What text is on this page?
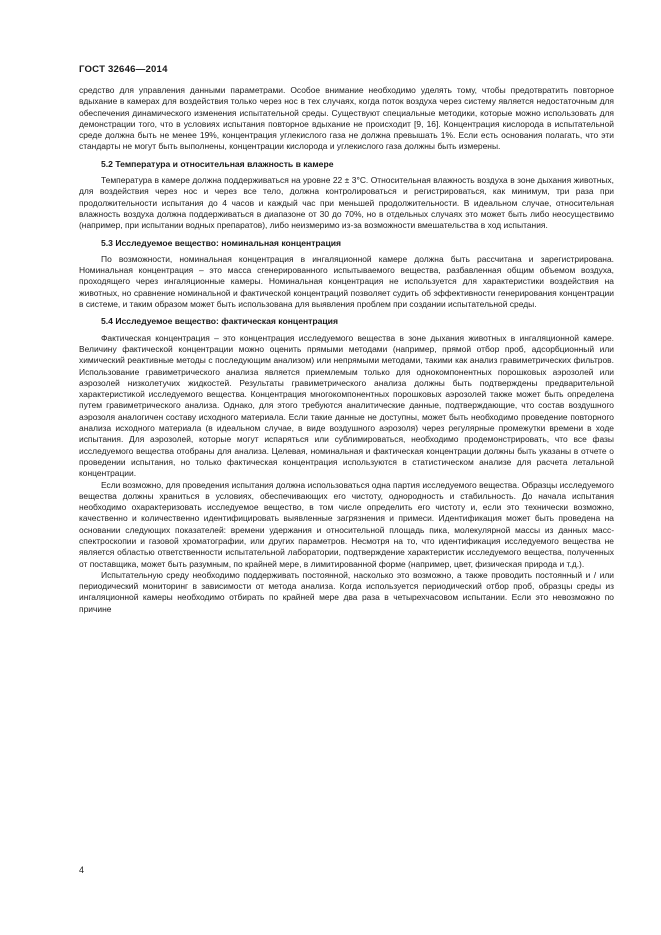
ГОСТ 32646—2014

средство для управления данными параметрами. Особое внимание необходимо уделять тому, чтобы предотвратить повторное вдыхание в камерах для воздействия только через нос в тех случаях, когда поток воздуха через систему является недостаточным для обеспечения динамического изменения испытательной среды. Существуют специальные методики, которые можно использовать для демонстрации того, что в условиях испытания повторное вдыхание не происходит [9, 16]. Концентрация кислорода в испытательной среде должна быть не менее 19%, концентрация углекислого газа не должна превышать 1%. Если есть основания полагать, что эти стандарты не могут быть выполнены, концентрации кислорода и углекислого газа должны быть измерены.

5.2 Температура и относительная влажность в камере

Температура в камере должна поддерживаться на уровне 22 ± 3°С. Относительная влажность воздуха в зоне дыхания животных, для воздействия через нос и через все тело, должна контролироваться и регистрироваться, как минимум, три раза при продолжительности испытания до 4 часов и каждый час при меньшей продолжительности. В идеальном случае, относительная влажность воздуха должна поддерживаться в диапазоне от 30 до 70%, но в отдельных случаях это может быть либо неосуществимо (например, при испытании водных препаратов), либо неизмеримо из-за возможности вмешательства в ход испытания.

5.3 Исследуемое вещество: номинальная концентрация

По возможности, номинальная концентрация в ингаляционной камере должна быть рассчитана и зарегистрирована. Номинальная концентрация – это масса сгенерированного испытываемого вещества, разбавленная общим объемом воздуха, проходящего через ингаляционные камеры. Номинальная концентрация не используется для характеристики воздействия на животных, но сравнение номинальной и фактической концентраций позволяет судить об эффективности генерирования концентрации в системе, и таким образом может быть использована для выявления проблем при создании испытательной среды.

5.4 Исследуемое вещество: фактическая концентрация

Фактическая концентрация – это концентрация исследуемого вещества в зоне дыхания животных в ингаляционной камере. Величину фактической концентрации можно оценить прямыми методами (например, прямой отбор проб, адсорбционный или химический реактивные методы с последующим анализом) или непрямыми методами, такими как анализ гравиметрических фильтров. Использование гравиметрического анализа является приемлемым только для однокомпонентных порошковых аэрозолей или аэрозолей низколетучих жидкостей. Результаты гравиметрического анализа должны быть подтверждены предварительной характеристикой исследуемого вещества. Концентрация многокомпонентных порошковых аэрозолей также может быть определена путем гравиметрического анализа. Однако, для этого требуются аналитические данные, подтверждающие, что состав воздушного аэрозоля аналогичен составу исходного материала. Если такие данные не доступны, может быть необходимо проведение повторного анализа исходного материала (в идеальном случае, в виде воздушного аэрозоля) через регулярные промежутки времени в ходе испытания. Для аэрозолей, которые могут испаряться или сублимироваться, необходимо продемонстрировать, что все фазы исследуемого вещества отобраны для анализа. Целевая, номинальная и фактическая концентрации должны быть указаны в отчете о проведении испытания, но только фактическая концентрация используются в статистическом анализе для расчета летальной концентрации.

Если возможно, для проведения испытания должна использоваться одна партия исследуемого вещества. Образцы исследуемого вещества должны храниться в условиях, обеспечивающих его чистоту, однородность и стабильность. До начала испытания необходимо охарактеризовать исследуемое вещество, в том числе определить его чистоту и, если это технически возможно, качественно и количественно идентифицировать выявленные загрязнения и примеси. Идентификация может быть проведена на основании следующих показателей: времени удержания и относительной площадь пика, молекулярной массы из данных масс-спектроскопии и газовой хроматографии, или других параметров. Несмотря на то, что идентификация исследуемого вещества не является областью ответственности испытательной лаборатории, подтверждение характеристик исследуемого вещества, полученных от поставщика, может быть разумным, по крайней мере, в лимитированной форме (например, цвет, физическая природа и т.д.).

Испытательную среду необходимо поддерживать постоянной, насколько это возможно, а также проводить постоянный и / или периодический мониторинг в зависимости от метода анализа. Когда используется периодический отбор проб, образцы среды из ингаляционной камеры необходимо отбирать по крайней мере два раза в четырехчасовом испытании. Если это невозможно по причине

4
